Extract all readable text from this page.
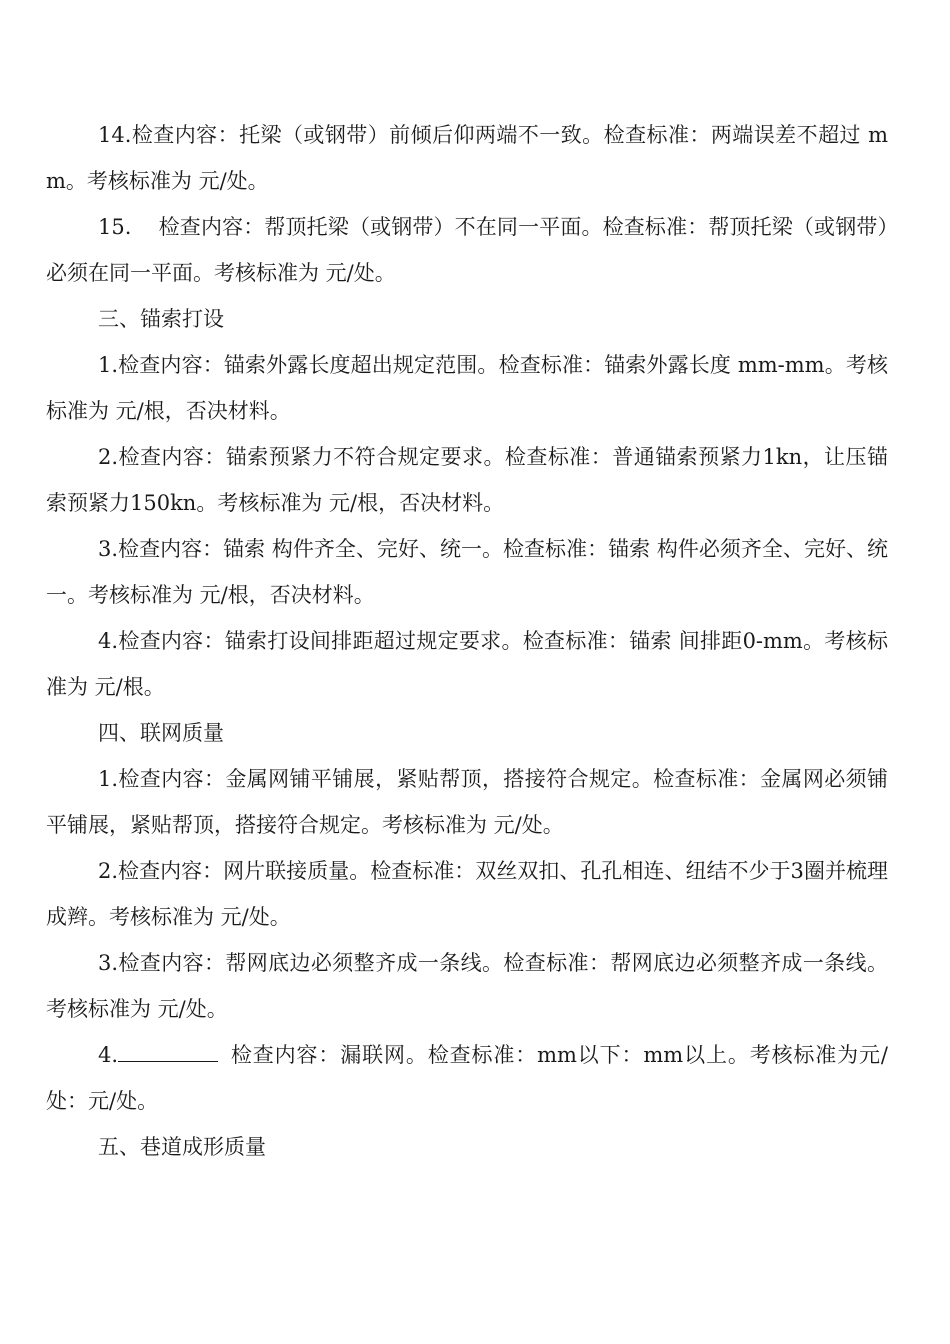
14.检查内容：托梁（或钢带）前倾后仰两端不一致。检查标准：两端误差不超过 mm。考核标准为 元/处。

15.    检查内容：帮顶托梁（或钢带）不在同一平面。检查标准：帮顶托梁（或钢带）必须在同一平面。考核标准为 元/处。

三、锚索打设

1.检查内容：锚索外露长度超出规定范围。检查标准：锚索外露长度 mm-mm。考核标准为 元/根，否决材料。

2.检查内容：锚索预紧力不符合规定要求。检查标准：普通锚索预紧力1kn，让压锚索预紧力150kn。考核标准为 元/根，否决材料。

3.检查内容：锚索 构件齐全、完好、统一。检查标准：锚索 构件必须齐全、完好、统一。考核标准为 元/根，否决材料。

4.检查内容：锚索打设间排距超过规定要求。检查标准：锚索 间排距0-mm。考核标准为 元/根。

四、联网质量

1.检查内容：金属网铺平铺展，紧贴帮顶，搭接符合规定。检查标准：金属网必须铺平铺展，紧贴帮顶，搭接符合规定。考核标准为 元/处。

2.检查内容：网片联接质量。检查标准：双丝双扣、孔孔相连、纽结不少于3圈并梳理成辫。考核标准为 元/处。

3.检查内容：帮网底边必须整齐成一条线。检查标准：帮网底边必须整齐成一条线。考核标准为 元/处。

4.	检查内容：漏联网。检查标准：mm以下：mm以上。考核标准为元/处：元/处。

五、巷道成形质量
